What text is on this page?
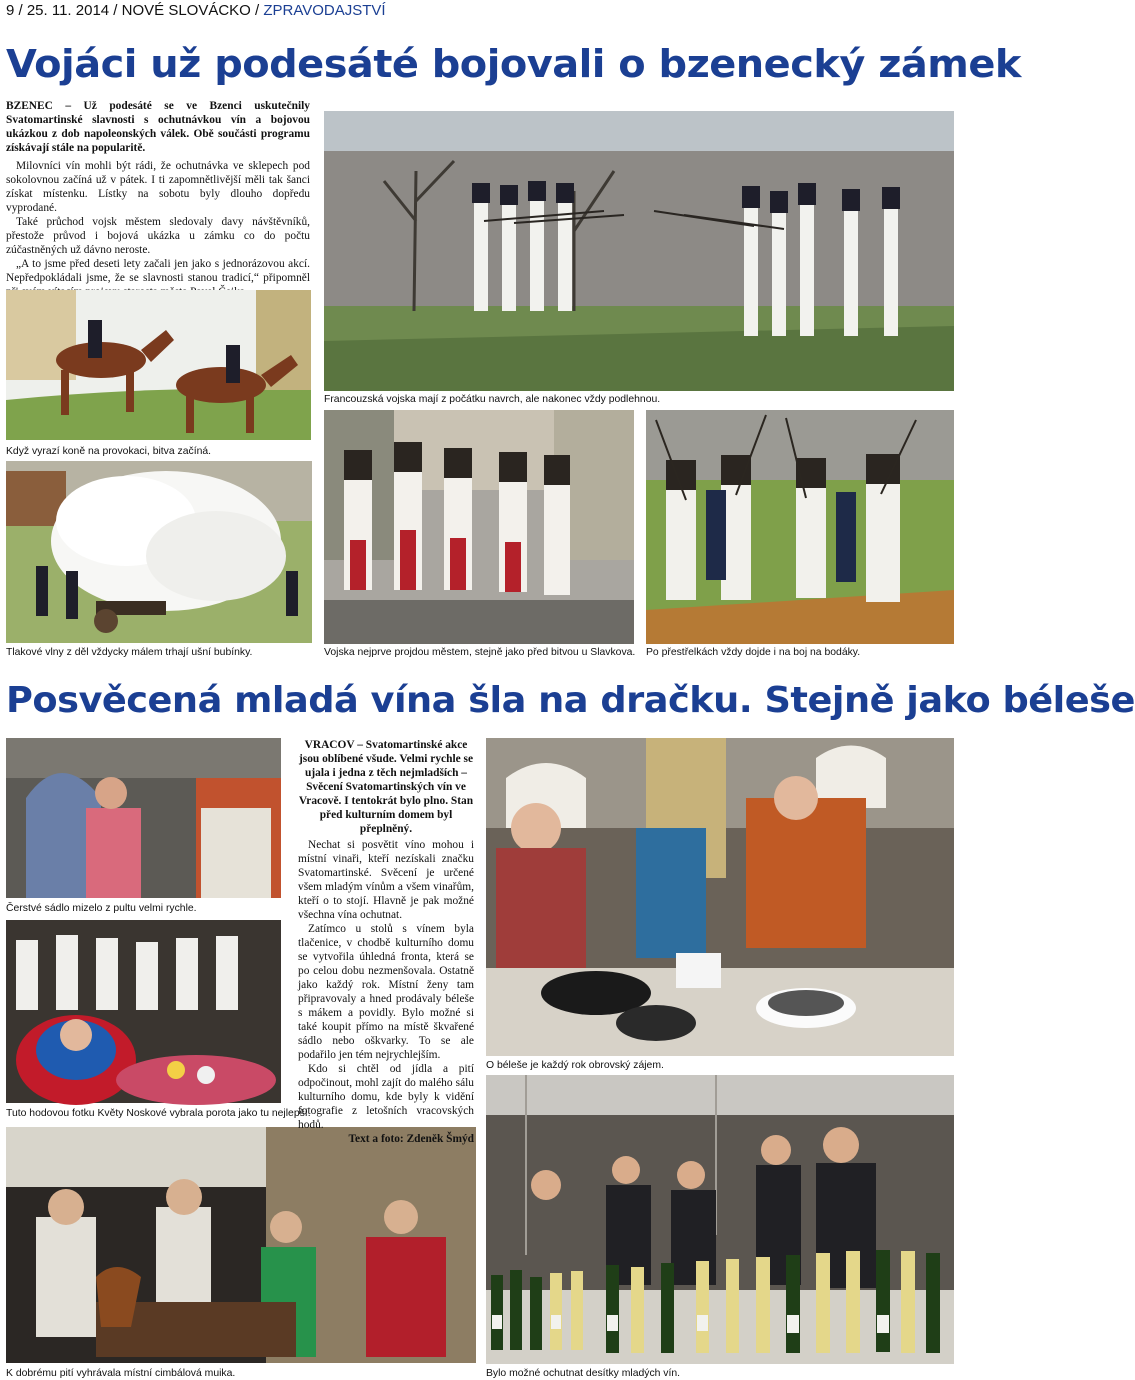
9 / 25. 11. 2014 / NOVÉ SLOVÁCKO / ZPRAVODAJSTVÍ
Vojáci už podesáté bojovali o bzenecký zámek

BZENEC – Už podesáté se ve Bzenci uskutečnily Svatomartinské slavnosti s ochutnávkou vín a bojovou ukázkou z dob napoleonských válek. Obě součásti programu získávají stále na popularitě.

Milovníci vín mohli být rádi, že ochutnávka ve sklepech pod sokolovnou začíná už v pátek. I ti zapomnětlivější měli tak šanci získat místenku. Lístky na sobotu byly dlouho dopředu vyprodané.

Také průchod vojsk městem sledovaly davy návštěvníků, přestože průvod i bojová ukázka u zámku co do počtu zúčastněných už dávno neroste.

„A to jsme před deseti lety začali jen jako s jednorázovou akcí. Nepředpokládali jsme, že se slavnosti stanou tradicí,“ připomněl

Francouzská vojska mají z počátku navrch, ale nakonec vždy podlehnou.
Když vyrazí koně na provokaci, bitva začíná.
Tlakové vlny z děl vždycky málem trhají ušní bubínky.	Vojska nejprve projdou městem, stejně jako před bitvou u Slavkova. Po přestřelkách vždy dojde i na boj na bodáky.
Posvěcená mladá vína šla na dračku. Stejně jako béleše
Čerstvé sádlo mizelo z pultu velmi rychle.
Tuto hodovou fotku Květy Noskové vybrala porota jako tu nejlepší.
K dobrému pití vyhrávala místní cimbálová muika.

VRACOV – Svatomartinské akce jsou oblíbené všude. Velmi rychle se ujala i jedna z těch nejmladších – Svěcení Svatomartinských vín ve Vracově. I tentokrát bylo plno. Stan před kulturním domem byl přeplněný.

Nechat si posvětit víno mohou i místní vinaři, kteří nezískali značku Svatomartinské. Svěcení je určené všem mladým vínům a všem vinařům, kteří o to stojí. Hlavně je pak možné všechna vína ochutnat.

Zatímco u stolů s vínem byla tlačenice, v chodbě kulturního domu se vytvořila úhledná fronta, která se po celou dobu nezmenšovala. Ostatně jako každý rok. Místní ženy tam připravovaly a hned prodávaly béleše s mákem a povidly. Bylo možné si také koupit přímo na místě škvařené sádlo nebo oškvarky. To se ale podařilo jen tém nejrychlejším.

Kdo si chtěl od jídla a pití odpočinout, mohl zajít do malého sálu kulturního domu, kde byly k vidění fotografie z letošních vracovských hodů.

Text a foto: Zdeněk Šmýd

O béleše je každý rok obrovský zájem.
Bylo možné ochutnat desítky mladých vín.
